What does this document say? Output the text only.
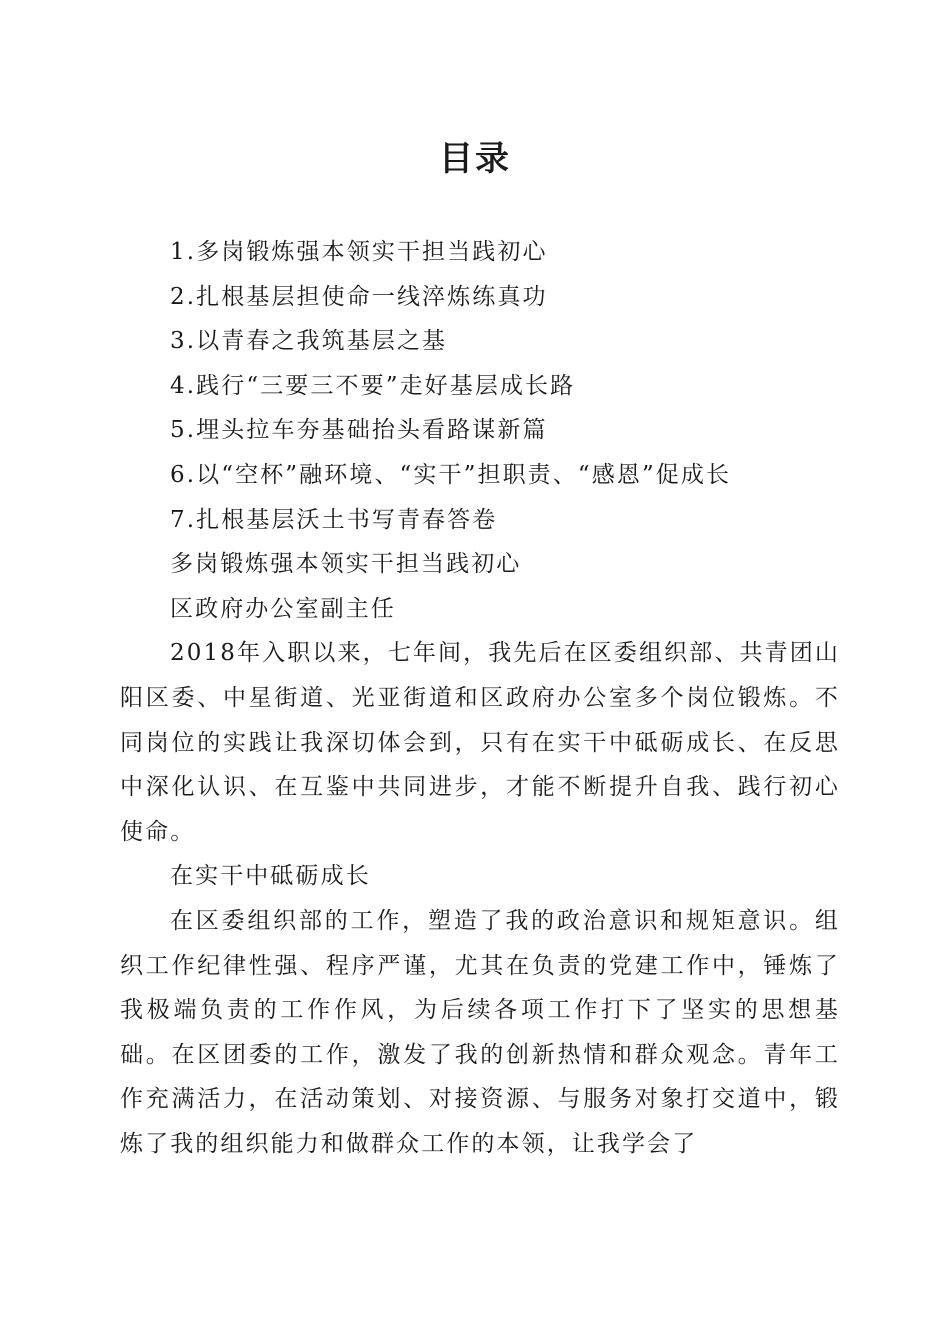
目录

1.多岗锻炼强本领实干担当践初心

2.扎根基层担使命一线淬炼练真功

3.以青春之我筑基层之基

4.践行“三要三不要”走好基层成长路

5.埋头拉车夯基础抬头看路谋新篇

6.以“空杯”融环境、“实干”担职责、“感恩”促成长

7.扎根基层沃土书写青春答卷

多岗锻炼强本领实干担当践初心

区政府办公室副主任

2018年入职以来，七年间，我先后在区委组织部、共青团山阳区委、中星街道、光亚街道和区政府办公室多个岗位锻炼。不同岗位的实践让我深切体会到，只有在实干中砥砺成长、在反思中深化认识、在互鉴中共同进步，才能不断提升自我、践行初心使命。

在实干中砥砺成长

在区委组织部的工作，塑造了我的政治意识和规矩意识。组织工作纪律性强、程序严谨，尤其在负责的党建工作中，锤炼了我极端负责的工作作风，为后续各项工作打下了坚实的思想基础。在区团委的工作，激发了我的创新热情和群众观念。青年工作充满活力，在活动策划、对接资源、与服务对象打交道中，锻炼了我的组织能力和做群众工作的本领，让我学会了
